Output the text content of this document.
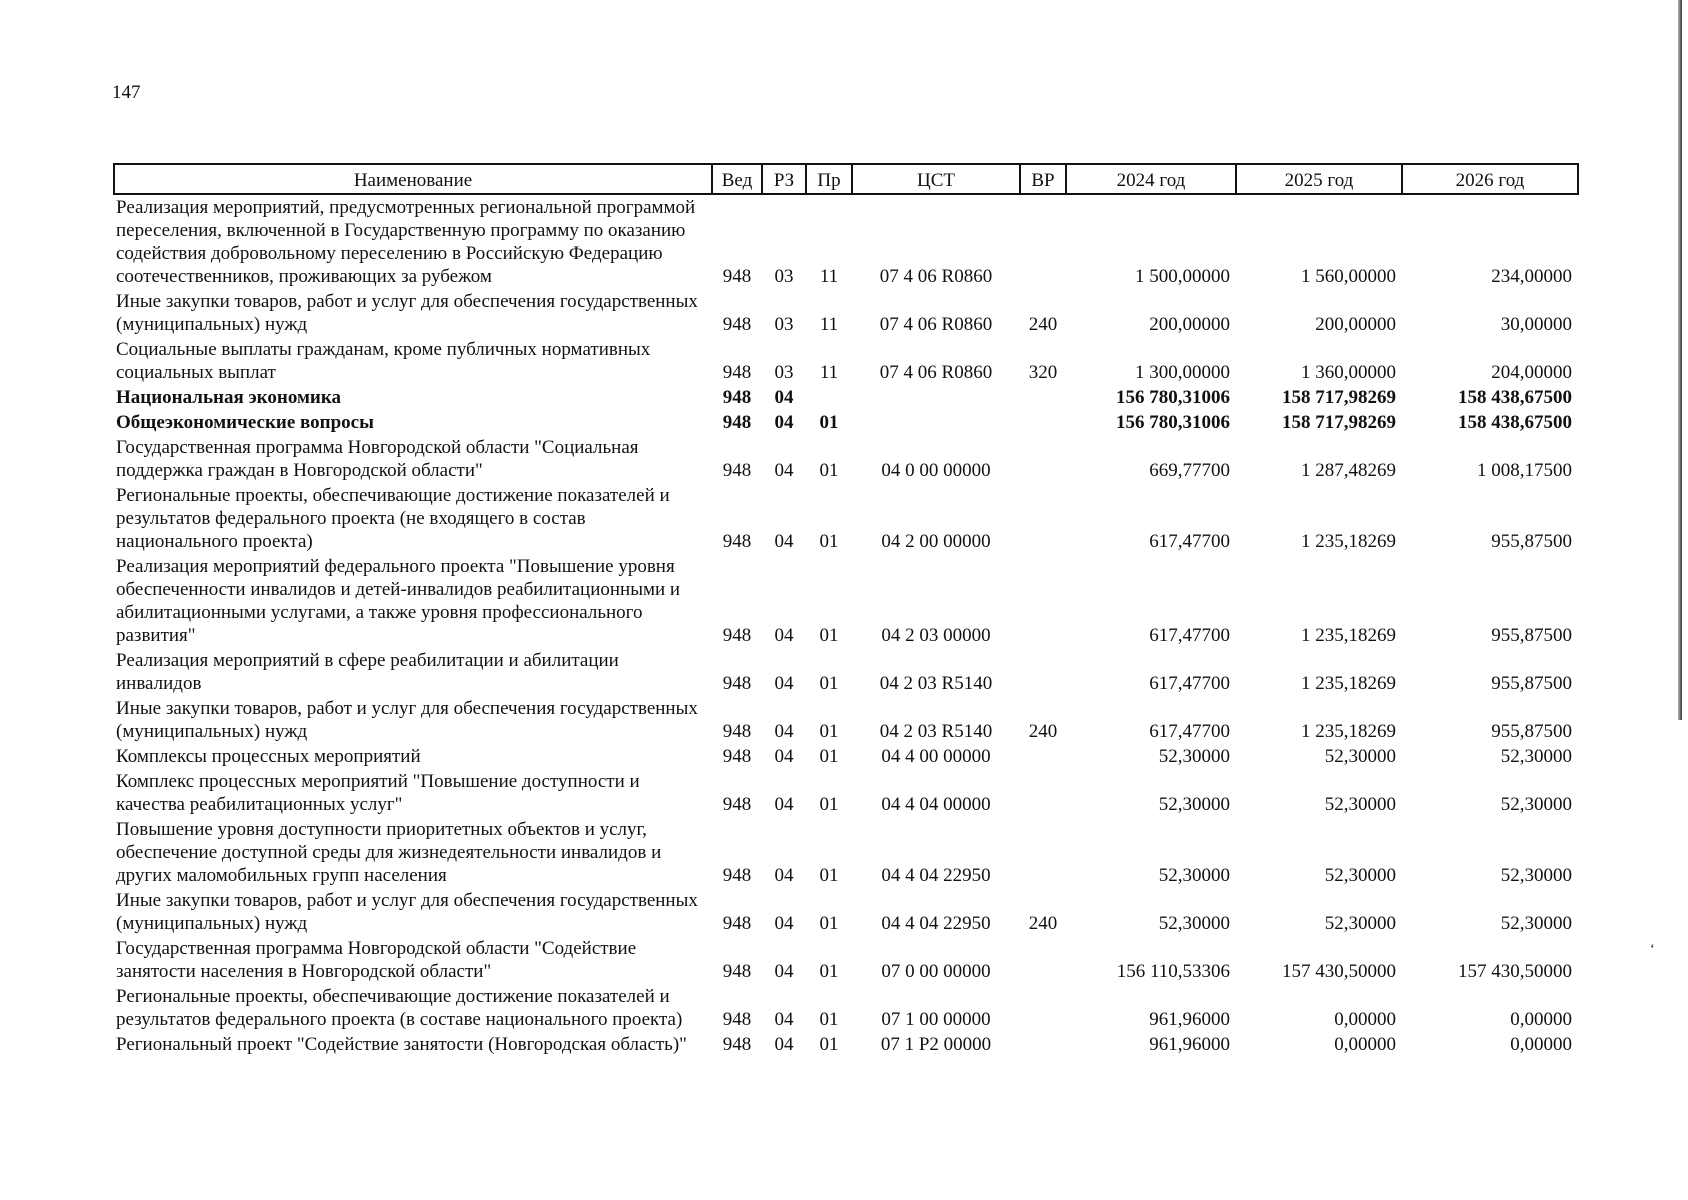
147
Наименование	Вед	РЗ	Пр	ЦСТ	ВР	2024 год	2025 год	2026 год
Реализация мероприятий, предусмотренных региональной программой переселения, включенной в Государственную программу по оказанию содействия добровольному переселению в Российскую Федерацию соотечественников, проживающих за рубежом	948	03	11	07 4 06 R0860		1 500,00000	1 560,00000	234,00000
Иные закупки товаров, работ и услуг для обеспечения государственных (муниципальных) нужд	948	03	11	07 4 06 R0860	240	200,00000	200,00000	30,00000
Социальные выплаты гражданам, кроме публичных нормативных социальных выплат	948	03	11	07 4 06 R0860	320	1 300,00000	1 360,00000	204,00000
Национальная экономика	948	04				156 780,31006	158 717,98269	158 438,67500
Общеэкономические вопросы	948	04	01			156 780,31006	158 717,98269	158 438,67500
Государственная программа Новгородской области "Социальная поддержка граждан в Новгородской области"	948	04	01	04 0 00 00000		669,77700	1 287,48269	1 008,17500
Региональные проекты, обеспечивающие достижение показателей и результатов федерального проекта (не входящего в состав национального проекта)	948	04	01	04 2 00 00000		617,47700	1 235,18269	955,87500
Реализация мероприятий федерального проекта "Повышение уровня обеспеченности инвалидов и детей-инвалидов реабилитационными и абилитационными услугами, а также уровня профессионального развития"	948	04	01	04 2 03 00000		617,47700	1 235,18269	955,87500
Реализация мероприятий в сфере реабилитации и абилитации инвалидов	948	04	01	04 2 03 R5140		617,47700	1 235,18269	955,87500
Иные закупки товаров, работ и услуг для обеспечения государственных (муниципальных) нужд	948	04	01	04 2 03 R5140	240	617,47700	1 235,18269	955,87500
Комплексы процессных мероприятий	948	04	01	04 4 00 00000		52,30000	52,30000	52,30000
Комплекс процессных мероприятий "Повышение доступности и качества реабилитационных услуг"	948	04	01	04 4 04 00000		52,30000	52,30000	52,30000
Повышение уровня доступности приоритетных объектов и услуг, обеспечение доступной среды для жизнедеятельности инвалидов и других маломобильных групп населения	948	04	01	04 4 04 22950		52,30000	52,30000	52,30000
Иные закупки товаров, работ и услуг для обеспечения государственных (муниципальных) нужд	948	04	01	04 4 04 22950	240	52,30000	52,30000	52,30000
Государственная программа Новгородской области "Содействие занятости населения в Новгородской области"	948	04	01	07 0 00 00000		156 110,53306	157 430,50000	157 430,50000
Региональные проекты, обеспечивающие достижение показателей и результатов федерального проекта (в составе национального проекта)	948	04	01	07 1 00 00000		961,96000	0,00000	0,00000
Региональный проект "Содействие занятости (Новгородская область)"	948	04	01	07 1 Р2 00000		961,96000	0,00000	0,00000
‘
